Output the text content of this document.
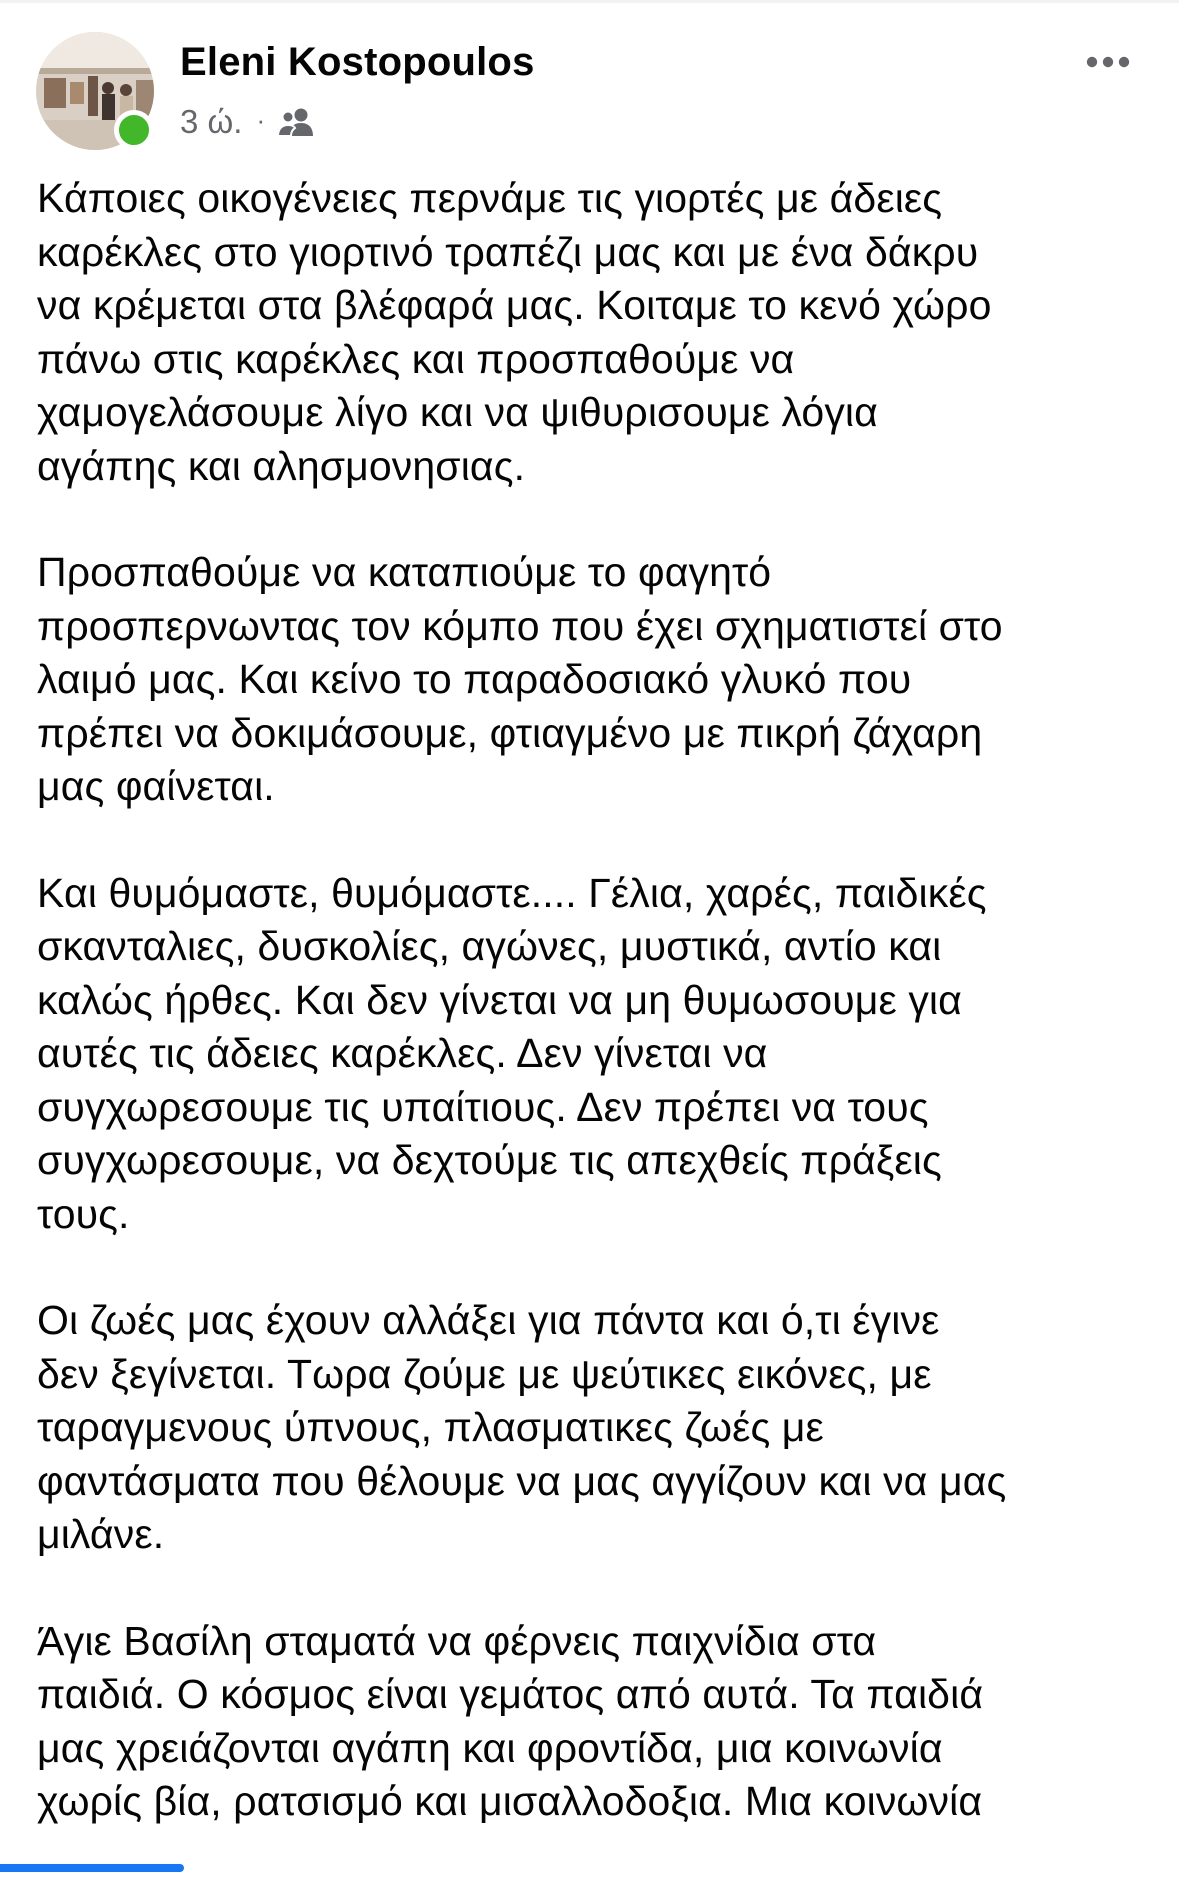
Eleni Kostopoulos
3 ώ. ·
Κάποιες οικογένειες περνάμε τις γιορτές με άδειες
καρέκλες στο γιορτινό τραπέζι μας και με ένα δάκρυ
να κρέμεται στα βλέφαρά μας. Κοιταμε το κενό χώρο
πάνω στις καρέκλες και προσπαθούμε να
χαμογελάσουμε λίγο και να ψιθυρισουμε λόγια
αγάπης και αλησμονησιας.
Προσπαθούμε να καταπιούμε το φαγητό
προσπερνωντας τον κόμπο που έχει σχηματιστεί στο
λαιμό μας. Και κείνο το παραδοσιακό γλυκό που
πρέπει να δοκιμάσουμε, φτιαγμένο με πικρή ζάχαρη
μας φαίνεται.
Και θυμόμαστε, θυμόμαστε.... Γέλια, χαρές, παιδικές
σκανταλιες, δυσκολίες, αγώνες, μυστικά, αντίο και
καλώς ήρθες. Και δεν γίνεται να μη θυμωσουμε για
αυτές τις άδειες καρέκλες. Δεν γίνεται να
συγχωρεσουμε τις υπαίτιους. Δεν πρέπει να τους
συγχωρεσουμε, να δεχτούμε τις απεχθείς πράξεις
τους.
Οι ζωές μας έχουν αλλάξει για πάντα και ό,τι έγινε
δεν ξεγίνεται. Τωρα ζούμε με ψεύτικες εικόνες, με
ταραγμενους ύπνους, πλασματικες ζωές με
φαντάσματα που θέλουμε να μας αγγίζουν και να μας
μιλάνε.
Άγιε Βασίλη σταματά να φέρνεις παιχνίδια στα
παιδιά. Ο κόσμος είναι γεμάτος από αυτά. Τα παιδιά
μας χρειάζονται αγάπη και φροντίδα, μια κοινωνία
χωρίς βία, ρατσισμό και μισαλλοδοξια. Μια κοινωνία
